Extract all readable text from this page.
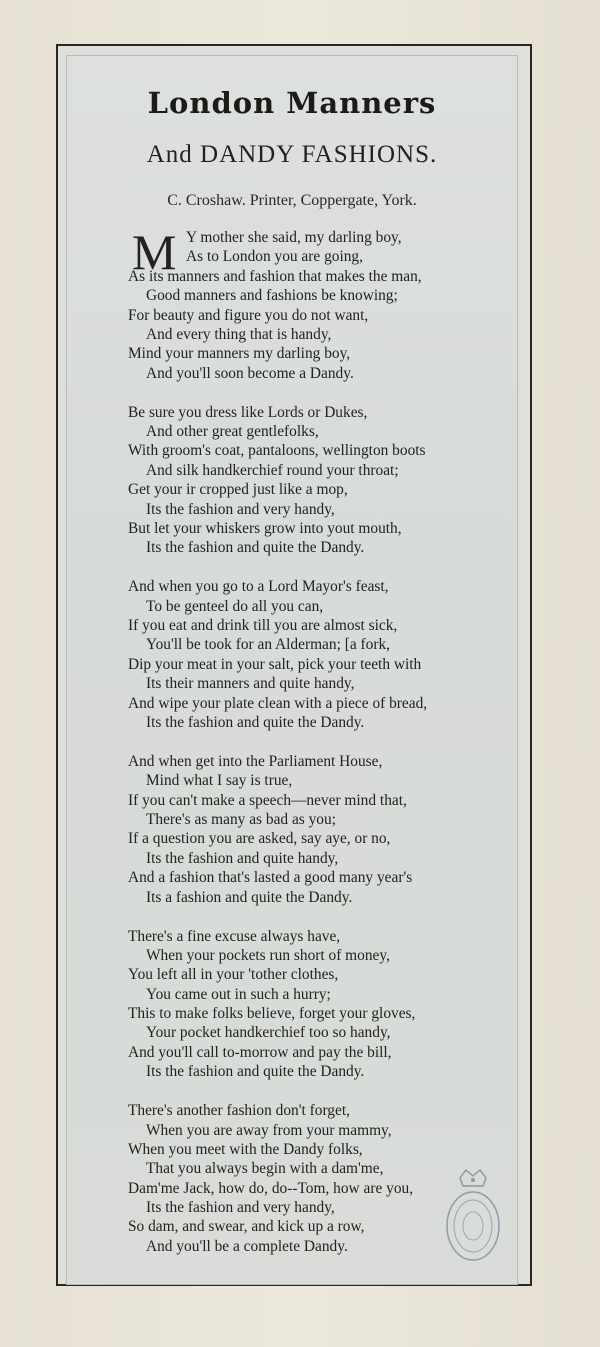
London Manners
And DANDY FASHIONS.
C. Croshaw. Printer, Coppergate, York.
M Y mother she said, my darling boy,
As to London you are going,
As its manners and fashion that makes the man,
Good manners and fashions be knowing;
For beauty and figure you do not want,
And every thing that is handy,
Mind your manners my darling boy,
And you'll soon become a Dandy.
Be sure you dress like Lords or Dukes,
And other great gentlefolks,
With groom's coat, pantaloons, wellington boots
And silk handkerchief round your throat;
Get your ir cropped just like a mop,
Its the fashion and very handy,
But let your whiskers grow into yout mouth,
Its the fashion and quite the Dandy.
And when you go to a Lord Mayor's feast,
To be genteel do all you can,
If you eat and drink till you are almost sick,
You'll be took for an Alderman; [a fork,
Dip your meat in your salt, pick your teeth with
Its their manners and quite handy,
And wipe your plate clean with a piece of bread,
Its the fashion and quite the Dandy.
And when get into the Parliament House,
Mind what I say is true,
If you can't make a speech—never mind that,
There's as many as bad as you;
If a question you are asked, say aye, or no,
Its the fashion and quite handy,
And a fashion that's lasted a good many year's
Its a fashion and quite the Dandy.
There's a fine excuse always have,
When your pockets run short of money,
You left all in your 'tother clothes,
You came out in such a hurry;
This to make folks believe, forget your gloves,
Your pocket handkerchief too so handy,
And you'll call to-morrow and pay the bill,
Its the fashion and quite the Dandy.
There's another fashion don't forget,
When you are away from your mammy,
When you meet with the Dandy folks,
That you always begin with a dam'me,
Dam'me Jack, how do, do--Tom, how are you,
Its the fashion and very handy,
So dam, and swear, and kick up a row,
And you'll be a complete Dandy.
